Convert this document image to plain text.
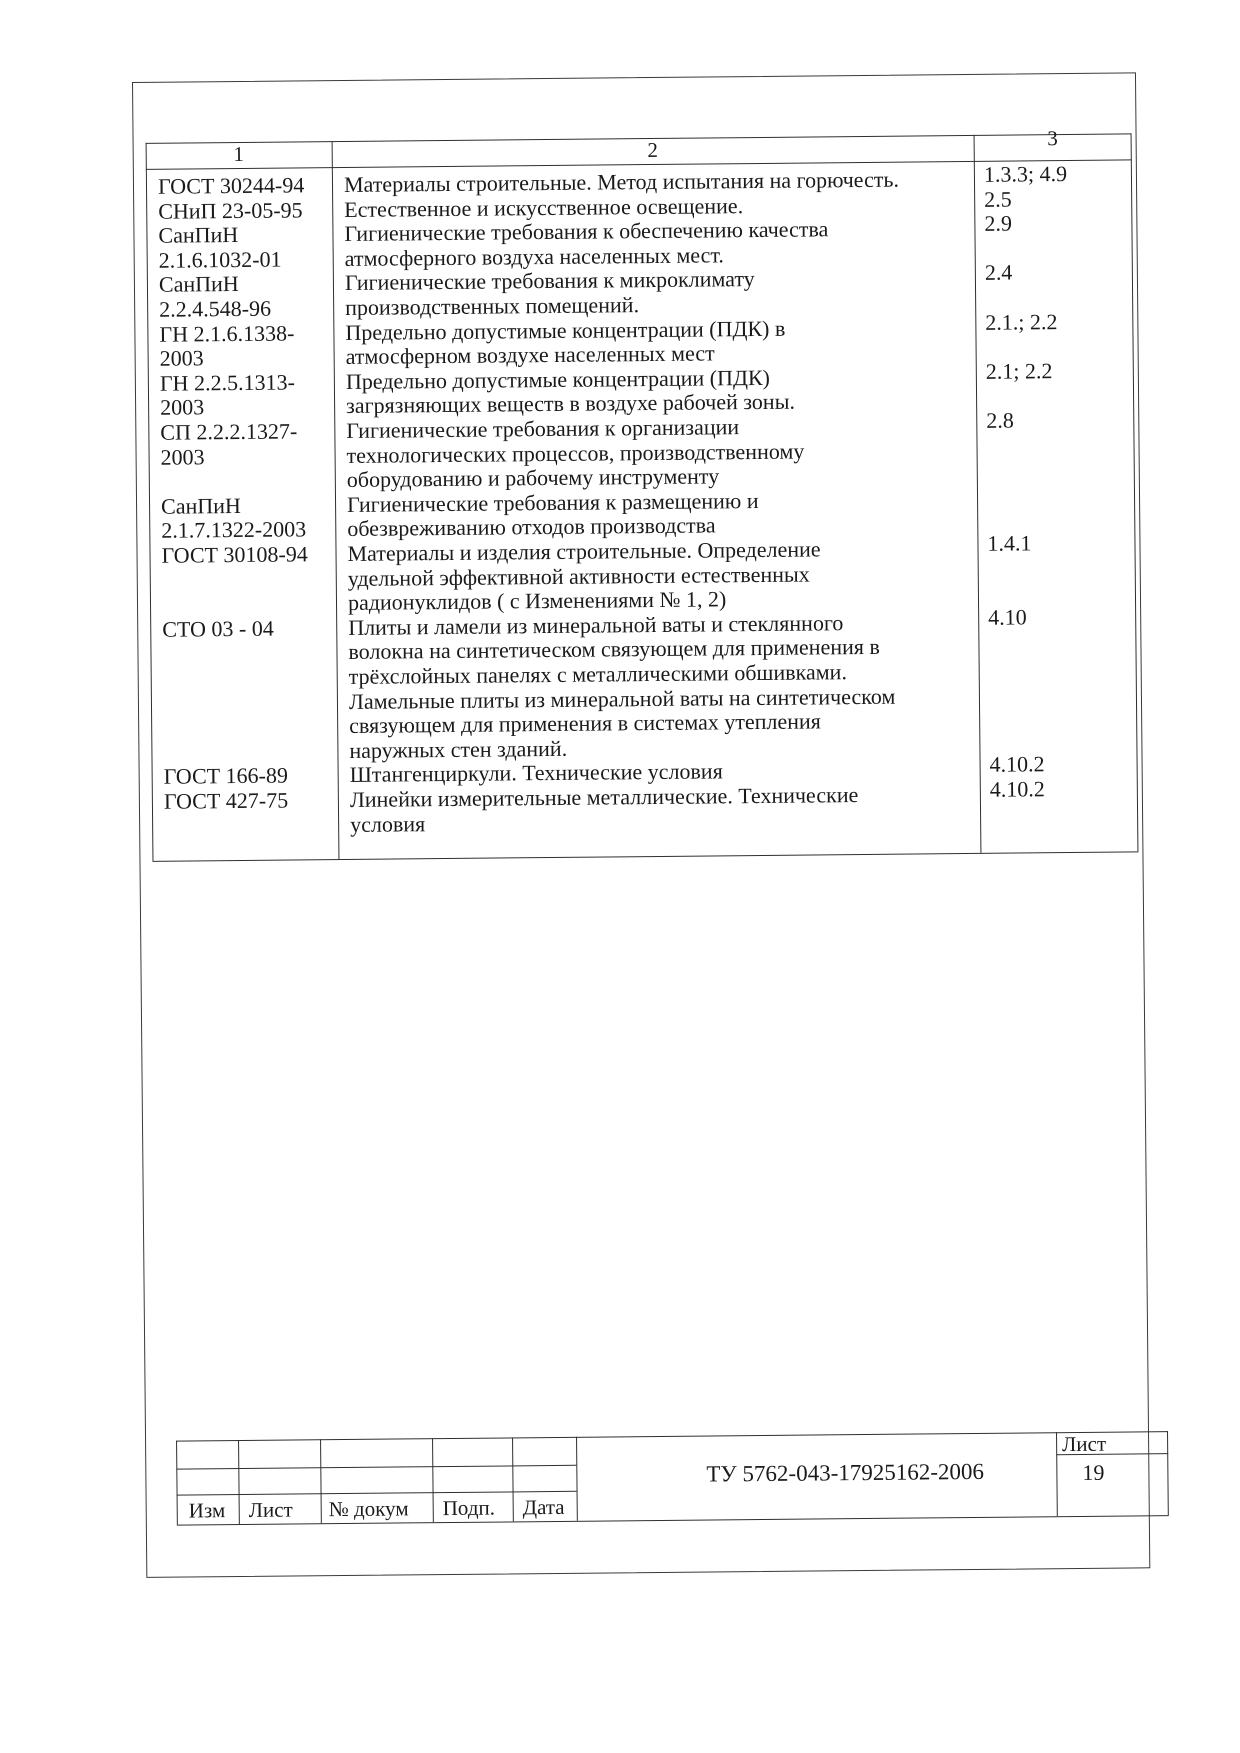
1	2	3
ГОСТ 30244-94
СНиП 23-05-95
СанПиН
2.1.6.1032-01
СанПиН
2.2.4.548-96
ГН 2.1.6.1338-
2003
ГН 2.2.5.1313-
2003
СП 2.2.2.1327-
2003
СанПиН
2.1.7.1322-2003
ГОСТ 30108-94
СТО 03 - 04
ГОСТ 166-89
ГОСТ 427-75
Материалы строительные. Метод испытания на горючесть.
Естественное и искусственное освещение.
Гигиенические требования к обеспечению качества
атмосферного воздуха населенных мест.
Гигиенические требования к микроклимату
производственных помещений.
Предельно допустимые концентрации (ПДК) в
атмосферном воздухе населенных мест
Предельно допустимые концентрации (ПДК)
загрязняющих веществ в воздухе рабочей зоны.
Гигиенические требования к организации
технологических процессов, производственному
оборудованию и рабочему инструменту
Гигиенические требования к размещению и
обезвреживанию отходов производства
Материалы и изделия строительные. Определение
удельной эффективной активности естественных
радионуклидов ( с Изменениями № 1, 2)
Плиты и ламели из минеральной ваты и стеклянного
волокна на синтетическом связующем для применения в
трёхслойных панелях с металлическими обшивками.
Ламельные плиты из минеральной ваты на синтетическом
связующем для применения в системах утепления
наружных стен зданий.
Штангенциркули. Технические условия
Линейки измерительные металлические. Технические
условия
1.3.3; 4.9
2.5
2.9
2.4
2.1.; 2.2
2.1; 2.2
2.8
1.4.1
4.10
4.10.2
4.10.2
Изм Лист № докум Подп. Дата
ТУ 5762-043-17925162-2006
Лист
19
